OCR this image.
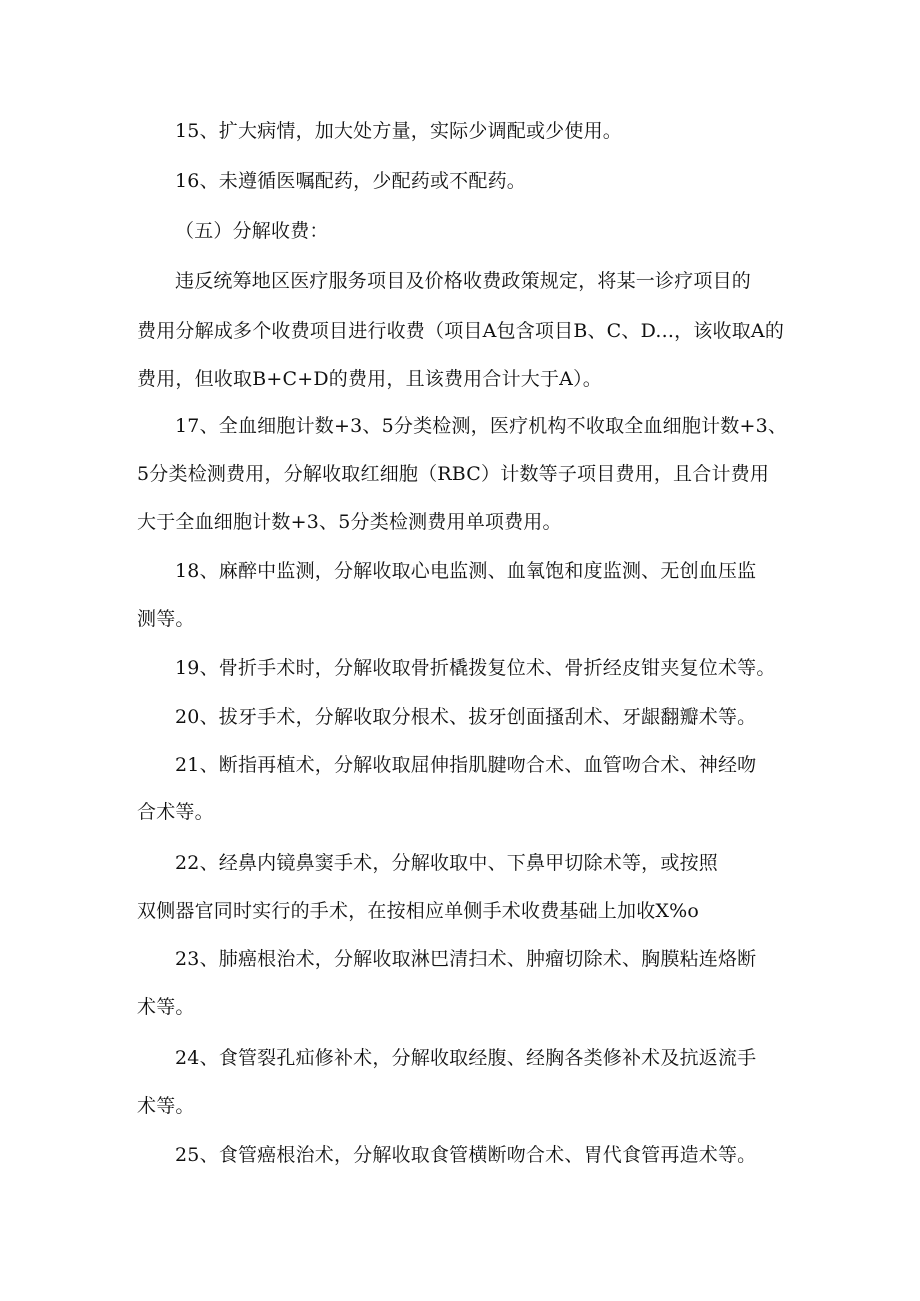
15、扩大病情，加大处方量，实际少调配或少使用。
16、未遵循医嘱配药，少配药或不配药。
（五）分解收费：
违反统筹地区医疗服务项目及价格收费政策规定，将某一诊疗项目的
费用分解成多个收费项目进行收费（项目A包含项目B、C、D...，该收取A的
费用，但收取B+C+D的费用，且该费用合计大于A）。
17、全血细胞计数+3、5分类检测，医疗机构不收取全血细胞计数+3、
5分类检测费用，分解收取红细胞（RBC）计数等子项目费用，且合计费用
大于全血细胞计数+3、5分类检测费用单项费用。
18、麻醉中监测，分解收取心电监测、血氧饱和度监测、无创血压监
测等。
19、骨折手术时，分解收取骨折橇拨复位术、骨折经皮钳夹复位术等。
20、拔牙手术，分解收取分根术、拔牙创面搔刮术、牙龈翻瓣术等。
21、断指再植术，分解收取屈伸指肌腱吻合术、血管吻合术、神经吻
合术等。
22、经鼻内镜鼻窦手术，分解收取中、下鼻甲切除术等，或按照
双侧器官同时实行的手术，在按相应单侧手术收费基础上加收X%o
23、肺癌根治术，分解收取淋巴清扫术、肿瘤切除术、胸膜粘连烙断
术等。
24、食管裂孔疝修补术，分解收取经腹、经胸各类修补术及抗返流手
术等。
25、食管癌根治术，分解收取食管横断吻合术、胃代食管再造术等。
